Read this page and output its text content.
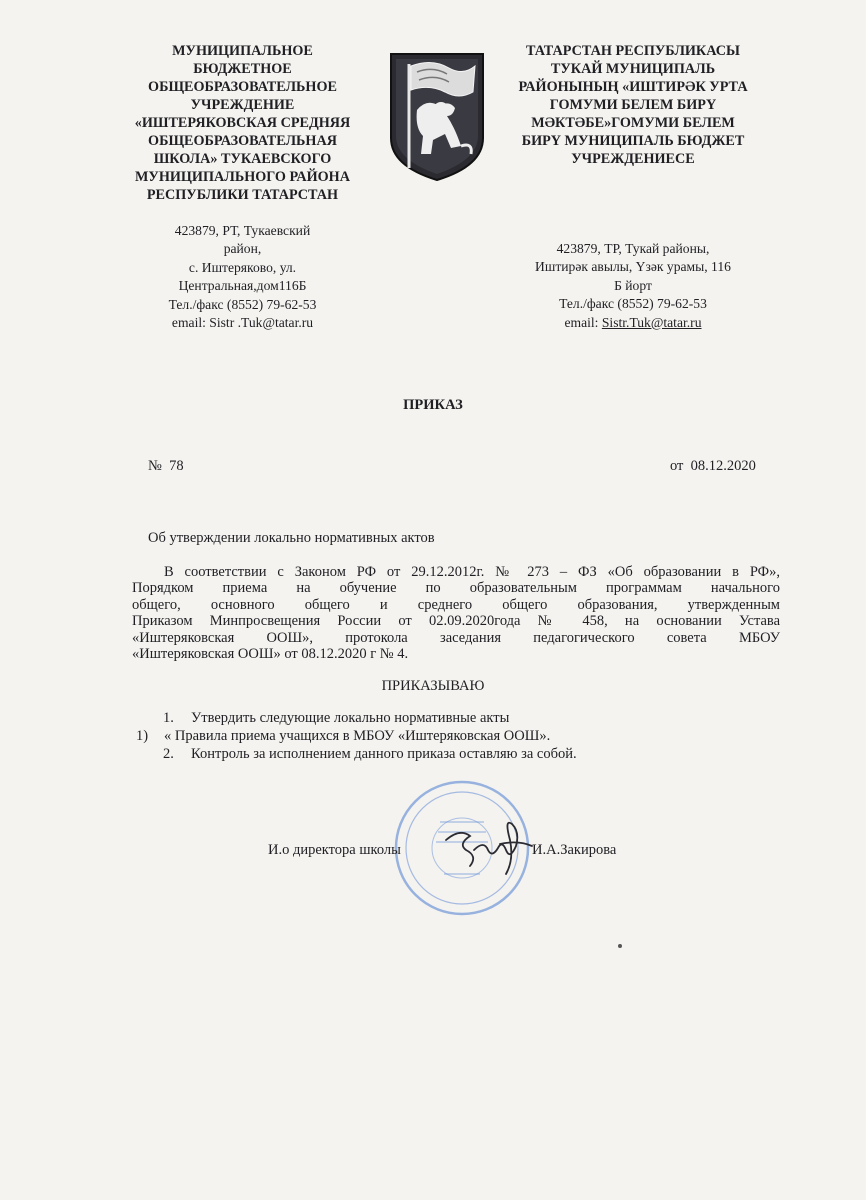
МУНИЦИПАЛЬНОЕ
БЮДЖЕТНОЕ
ОБЩЕОБРАЗОВАТЕЛЬНОЕ
УЧРЕЖДЕНИЕ
«ИШТЕРЯКОВСКАЯ СРЕДНЯЯ
ОБЩЕОБРАЗОВАТЕЛЬНАЯ
ШКОЛА» ТУКАЕВСКОГО
МУНИЦИПАЛЬНОГО РАЙОНА
РЕСПУБЛИКИ ТАТАРСТАН
ТАТАРСТАН РЕСПУБЛИКАСЫ
ТУКАЙ МУНИЦИПАЛЬ
РАЙОНЫНЫҢ «ИШТИРӘК УРТА
ГОМУМИ БЕЛЕМ БИРҮ
МӘКТӘБЕ»ГОМУМИ БЕЛЕМ
БИРҮ МУНИЦИПАЛЬ БЮДЖЕТ
УЧРЕЖДЕНИЕСЕ
423879, РТ, Тукаевский
район,
с. Иштеряково, ул.
Центральная,дом116Б
Тел./факс (8552) 79-62-53
email: Sistr .Tuk@tatar.ru
423879, ТР, Тукай районы,
Иштирәк авылы, Үзәк урамы, 116
Б йорт
Тел./факс (8552) 79-62-53
email: Sistr.Tuk@tatar.ru
ПРИКАЗ
№  78	от  08.12.2020
Об утверждении локально нормативных актов
В соответствии с Законом РФ от 29.12.2012г. № 273 – ФЗ «Об образовании в РФ»,
Порядком приема на обучение по образовательным программам начального
общего, основного общего и среднего общего образования, утвержденным
Приказом Минпросвещения России от 02.09.2020года № 458, на основании Устава
«Иштеряковская ООШ», протокола заседания педагогического совета МБОУ
«Иштеряковская ООШ» от 08.12.2020 г № 4.
ПРИКАЗЫВАЮ
1. Утвердить следующие локально нормативные акты
1) « Правила приема учащихся в МБОУ «Иштеряковская ООШ».
2. Контроль за исполнением данного приказа оставляю за собой.
И.о директора школы	И.А.Закирова
